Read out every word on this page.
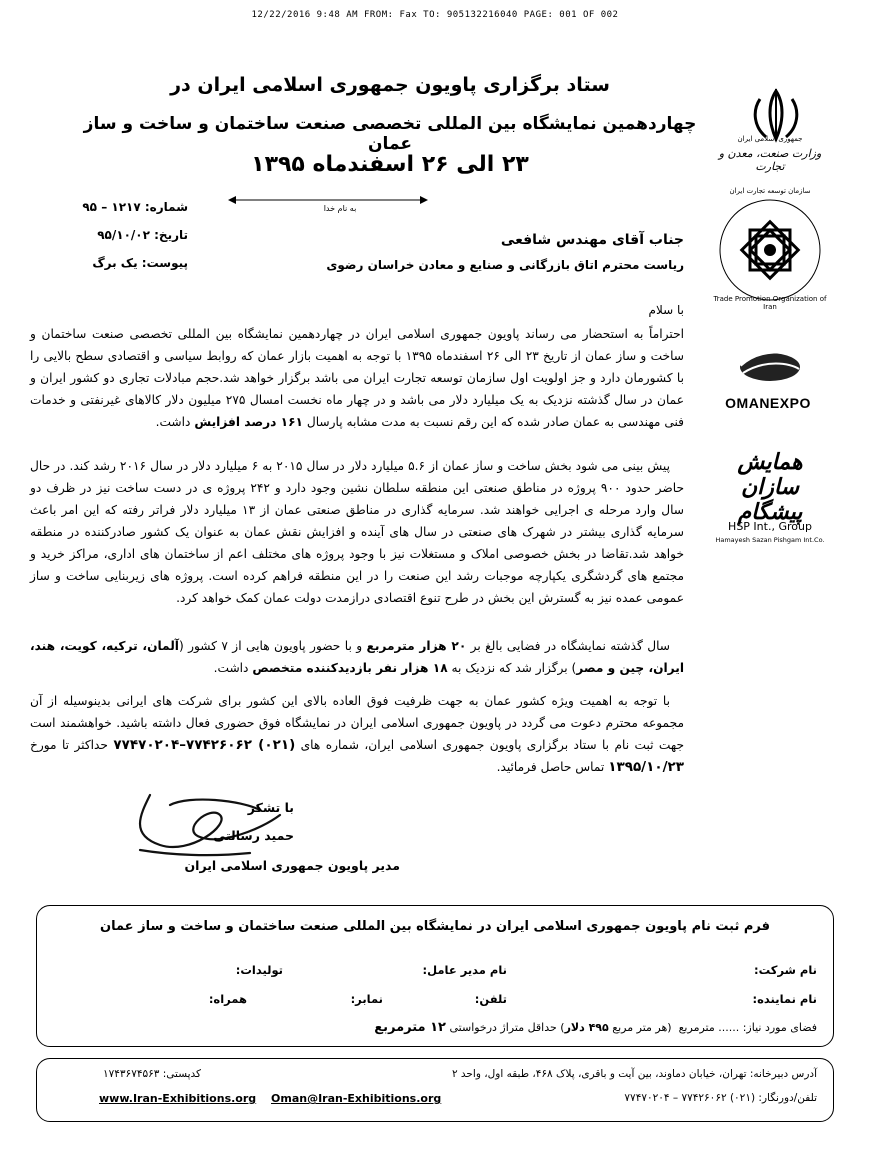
12/22/2016 9:48 AM FROM: Fax TO: 905132216040 PAGE: 001 OF 002
ستاد برگزاری پاویون جمهوری اسلامی ایران در
چهاردهمین نمایشگاه بین المللی تخصصی صنعت ساختمان و ساخت و ساز عمان
۲۳ الی ۲۶ اسفندماه ۱۳۹۵
به نام خدا
شماره: ۱۲۱۷ – ۹۵
تاریخ: ۹۵/۱۰/۰۲
پیوست: یک برگ
جناب آقای مهندس شافعی
ریاست محترم اتاق بازرگانی و صنایع و معادن خراسان رضوی
با سلام
احتراماً به استحضار می رساند پاویون جمهوری اسلامی ایران در چهاردهمین نمایشگاه بین المللی تخصصی صنعت ساختمان و ساخت و ساز عمان از تاریخ ۲۳ الی ۲۶ اسفندماه ۱۳۹۵ با توجه به اهمیت بازار عمان که روابط سیاسی و اقتصادی سطح بالایی را با کشورمان دارد و جز اولویت اول سازمان توسعه تجارت ایران می باشد برگزار خواهد شد.حجم مبادلات تجاری دو کشور ایران و عمان در سال گذشته نزدیک به یک میلیارد دلار می باشد و در چهار ماه نخست امسال ۲۷۵ میلیون دلار کالاهای غیرنفتی و خدمات فنی مهندسی به عمان صادر شده که این رقم نسبت به مدت مشابه پارسال ۱۶۱ درصد افزایش داشت.
پیش بینی می شود بخش ساخت و ساز عمان از ۵.۶ میلیارد دلار در سال ۲۰۱۵ به ۶ میلیارد دلار در سال ۲۰۱۶ رشد کند. در حال حاضر حدود ۹۰۰ پروژه در مناطق صنعتی این منطقه سلطان نشین وجود دارد و ۲۴۲ پروژه ی در دست ساخت نیز در ظرف دو سال وارد مرحله ی اجرایی خواهند شد. سرمایه گذاری در مناطق صنعتی عمان از ۱۳ میلیارد دلار فراتر رفته که این امر باعث سرمایه گذاری بیشتر در شهرک های صنعتی در سال های آینده و افزایش نقش عمان به عنوان یک کشور صادرکننده در منطقه خواهد شد.تقاضا در بخش خصوصی املاک و مستغلات نیز با وجود پروژه های مختلف اعم از ساختمان های اداری، مراکز خرید و مجتمع های گردشگری یکپارچه موجبات رشد این صنعت را در این منطقه فراهم کرده است. پروژه های زیربنایی ساخت و ساز عمومی عمده نیز به گسترش این بخش در طرح تنوع اقتصادی درازمدت دولت عمان کمک خواهد کرد.
سال گذشته نمایشگاه در فضایی بالغ بر ۲۰ هزار مترمربع و با حضور پاویون هایی از ۷ کشور (آلمان، ترکیه، کویت، هند، ایران، چین و مصر) برگزار شد که نزدیک به ۱۸ هزار نفر بازدیدکننده متخصص داشت.
با توجه به اهمیت ویژه کشور عمان به جهت ظرفیت فوق العاده بالای این کشور برای شرکت های ایرانی بدینوسیله از آن مجموعه محترم دعوت می گردد در پاویون جمهوری اسلامی ایران در نمایشگاه فوق حضوری فعال داشته باشید. خواهشمند است جهت ثبت نام با ستاد برگزاری پاویون جمهوری اسلامی ایران، شماره های (۰۲۱) ۷۷۴۲۶۰۶۲–۷۷۴۷۰۲۰۴ حداکثر تا مورخ ۱۳۹۵/۱۰/۲۳ تماس حاصل فرمائید.
با تشکر
حمید رسالتی
مدیر پاویون جمهوری اسلامی ایران
جمهوری اسلامی ایران
وزارت صنعت، معدن و تجارت
Trade Promotion Organization of Iran
سازمان توسعه تجارت ایران
OMANEXPO
همایش سازان پیشگام
HSP Int., Group
Hamayesh Sazan Pishgam Int.Co.
فرم ثبت نام پاویون جمهوری اسلامی ایران در نمایشگاه بین المللی صنعت ساختمان و ساخت و ساز عمان
نام شرکت:
نام مدیر عامل:
تولیدات:
نام نماینده:
تلفن:
نمابر:
همراه:
فضای مورد نیاز: ...... مترمربع  (هر متر مربع ۴۹۵ دلار) حداقل متراژ درخواستی ۱۲ مترمربع
آدرس دبیرخانه: تهران، خیابان دماوند، بین آیت و باقری، پلاک ۴۶۸، طبقه اول، واحد ۲
کدپستی: ۱۷۴۳۶۷۴۵۶۳
تلفن/دورنگار: (۰۲۱) ۷۷۴۲۶۰۶۲ – ۷۷۴۷۰۲۰۴
Oman@Iran-Exhibitions.org
www.Iran-Exhibitions.org
